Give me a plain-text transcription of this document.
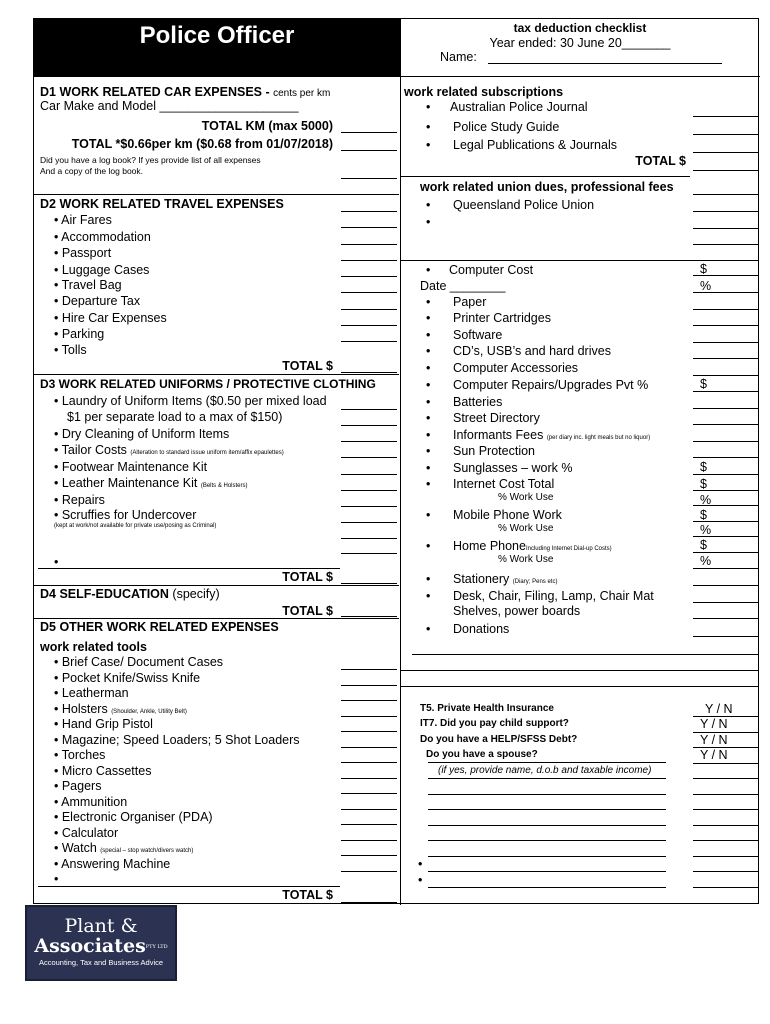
Police Officer	tax deduction checklist
Year ended: 30 June 20_______
Name:
D1 WORK RELATED CAR EXPENSES - cents per km
Car Make and Model ____________________
TOTAL KM (max 5000)
TOTAL *$0.66per km ($0.68 from 01/07/2018)
Did you have a log book? If yes provide list of all expenses
And a copy of the log book.
D2 WORK RELATED TRAVEL EXPENSES
• Air Fares
• Accommodation
• Passport
• Luggage Cases
• Travel Bag
• Departure Tax
• Hire Car Expenses
• Parking
• Tolls
TOTAL $
D3 WORK RELATED UNIFORMS / PROTECTIVE CLOTHING
• Laundry of Uniform Items ($0.50 per mixed load
$1 per separate load to a max of $150)
• Dry Cleaning of Uniform Items
• Tailor Costs (Alteration to standard issue uniform item/affix epaulettes)
• Footwear Maintenance Kit
• Leather Maintenance Kit (Belts & Holsters)
• Repairs
• Scruffies for Undercover
(kept at work/not available for private use/posing as Criminal)
•
TOTAL $
D4 SELF-EDUCATION (specify)
TOTAL $
D5 OTHER WORK RELATED EXPENSES
work related tools
• Brief Case/ Document Cases
• Pocket Knife/Swiss Knife
• Leatherman
• Holsters (Shoulder, Ankle, Utility Belt)
• Hand Grip Pistol
• Magazine; Speed Loaders; 5 Shot Loaders
• Torches
• Micro Cassettes
• Pagers
• Ammunition
• Electronic Organiser (PDA)
• Calculator
• Watch (special – stop watch/divers watch)
• Answering Machine
•
TOTAL $
work related subscriptions
• Australian Police Journal
• Police Study Guide
• Legal Publications & Journals
TOTAL $
work related union dues, professional fees
• Queensland Police Union
•
• Computer Cost	$
Date ________	%
• Paper
• Printer Cartridges
• Software
• CD’s, USB’s and hard drives
• Computer Accessories
• Computer Repairs/Upgrades Pvt %	$
• Batteries
• Street Directory
• Informants Fees (per diary inc. light meals but no liquor)
• Sun Protection
• Sunglasses – work %	$
• Internet Cost Total	$
% Work Use	%
• Mobile Phone Work	$
% Work Use	%
• Home PhoneIncluding Internet Dial-up Costs)	$
% Work Use	%
• Stationery (Diary; Pens etc)
• Desk, Chair, Filing, Lamp, Chair Mat
Shelves, power boards
• Donations
T5. Private Health Insurance	Y / N
IT7. Did you pay child support?	Y / N
Do you have a HELP/SFSS Debt?	Y / N
Do you have a spouse?	Y / N
(if yes, provide name, d.o.b and taxable income)
•
•
Plant &
AssociatesPTY LTD
Accounting, Tax and Business Advice
